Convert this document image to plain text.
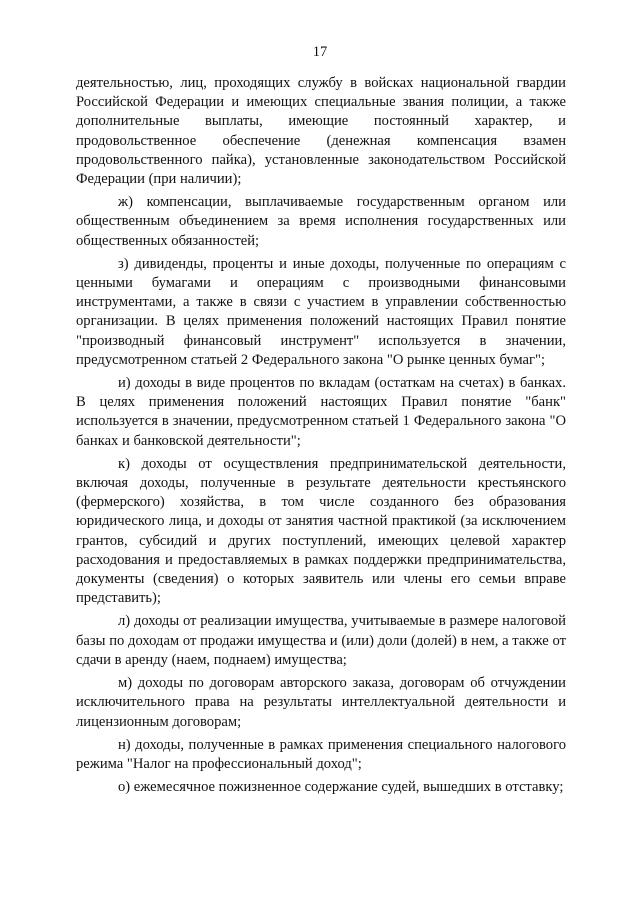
17

деятельностью, лиц, проходящих службу в войсках национальной гвардии Российской Федерации и имеющих специальные звания полиции, а также дополнительные выплаты, имеющие постоянный характер, и продовольственное обеспечение (денежная компенсация взамен продовольственного пайка), установленные законодательством Российской Федерации (при наличии);

ж) компенсации, выплачиваемые государственным органом или общественным объединением за время исполнения государственных или общественных обязанностей;

з) дивиденды, проценты и иные доходы, полученные по операциям с ценными бумагами и операциям с производными финансовыми инструментами, а также в связи с участием в управлении собственностью организации. В целях применения положений настоящих Правил понятие "производный финансовый инструмент" используется в значении, предусмотренном статьей 2 Федерального закона "О рынке ценных бумаг";

и) доходы в виде процентов по вкладам (остаткам на счетах) в банках. В целях применения положений настоящих Правил понятие "банк" используется в значении, предусмотренном статьей 1 Федерального закона "О банках и банковской деятельности";

к) доходы от осуществления предпринимательской деятельности, включая доходы, полученные в результате деятельности крестьянского (фермерского) хозяйства, в том числе созданного без образования юридического лица, и доходы от занятия частной практикой (за исключением грантов, субсидий и других поступлений, имеющих целевой характер расходования и предоставляемых в рамках поддержки предпринимательства, документы (сведения) о которых заявитель или члены его семьи вправе представить);

л) доходы от реализации имущества, учитываемые в размере налоговой базы по доходам от продажи имущества и (или) доли (долей) в нем, а также от сдачи в аренду (наем, поднаем) имущества;

м) доходы по договорам авторского заказа, договорам об отчуждении исключительного права на результаты интеллектуальной деятельности и лицензионным договорам;

н) доходы, полученные в рамках применения специального налогового режима "Налог на профессиональный доход";

о) ежемесячное пожизненное содержание судей, вышедших в отставку;
